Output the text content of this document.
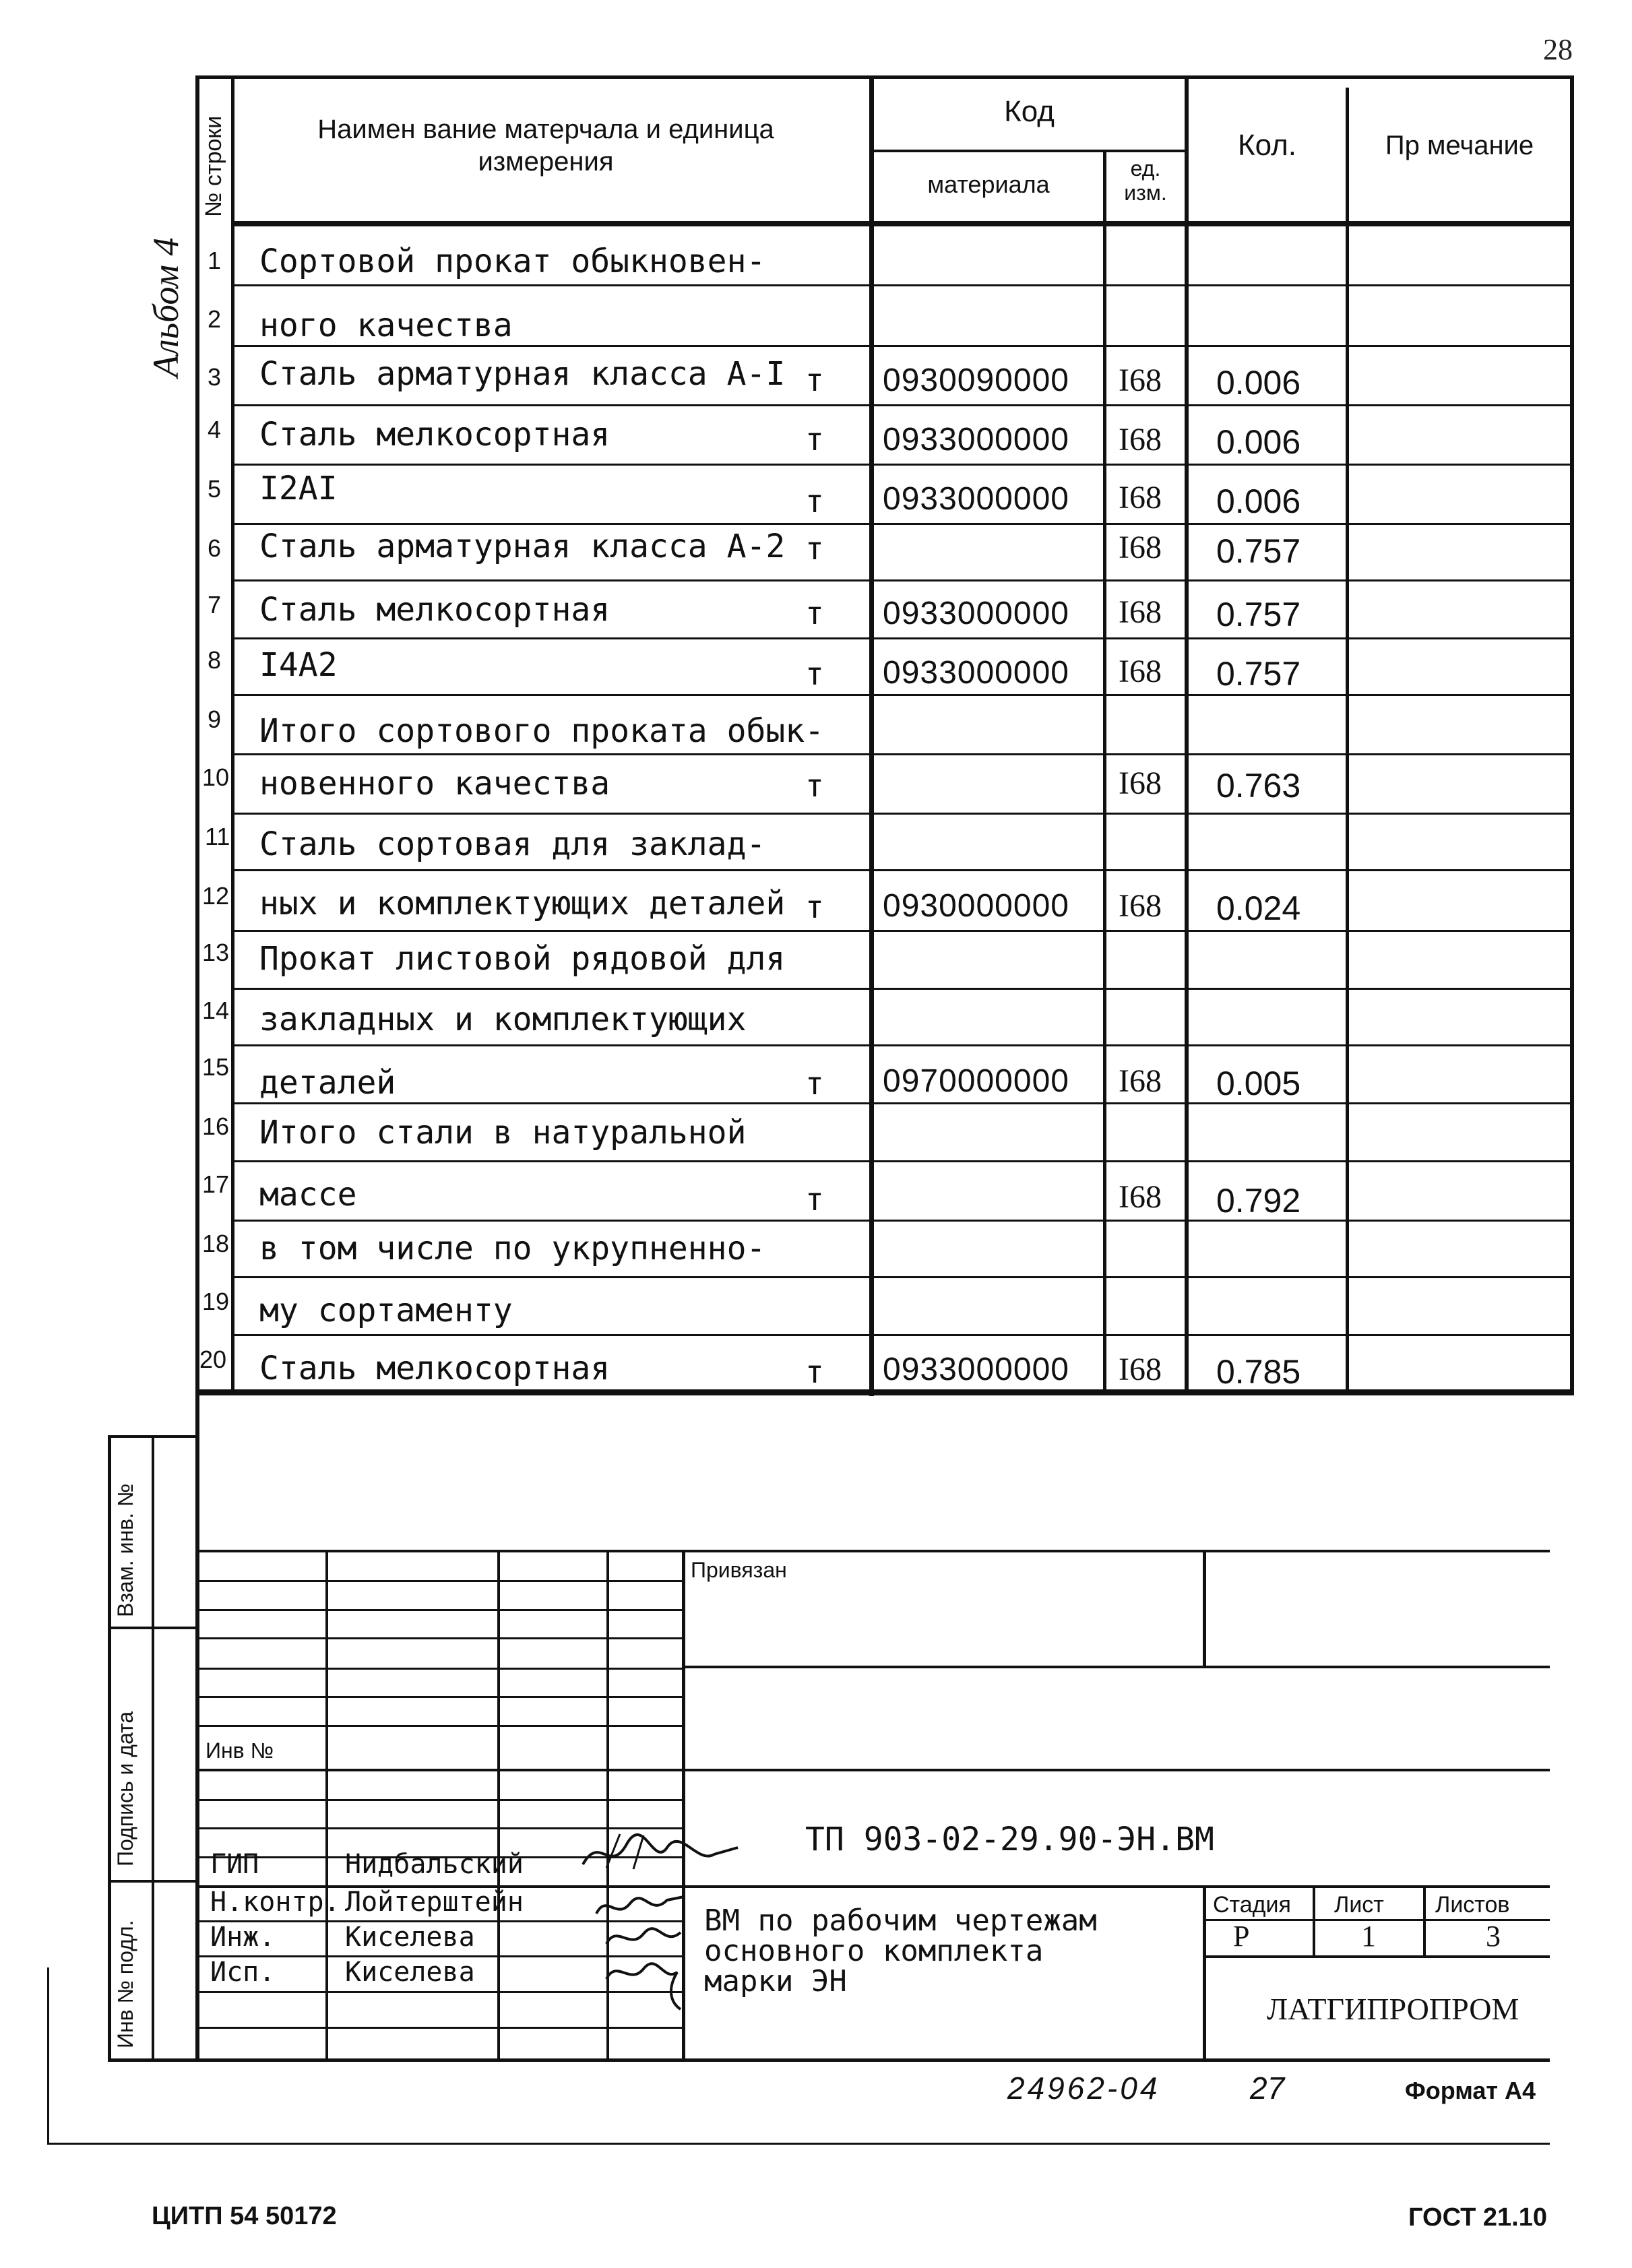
28
Альбом 4
№ строки	Наимен вание матерчала и единица измерения
Код
материала
ед. изм.
Кол.	Пр мечание
1 Сортовой прокат обыкновен-
2 ного качества
3 Сталь арматурная класса А-I т 0930090000 I68 0.006
4 Сталь мелкосортная	т 0933000000 I68 0.006
5 I2AI	т 0933000000 I68 0.006
6 Сталь арматурная класса А-2 т	I68 0.757
7 Сталь мелкосортная	т 0933000000 I68 0.757
8 I4A2	т 0933000000 I68 0.757
9 Итого сортового проката обык-
10 новенного качества	т	I68 0.763
11 Сталь сортовая для заклад-
12 ных и комплектующих деталей т 0930000000 I68 0.024
13 Прокат листовой рядовой для
14 закладных и комплектующих
15 деталей	т 0970000000 I68 0.005
16 Итого стали в натуральной
17 массе	т	I68 0.792
18 в том числе по укрупненно-
19 му сортаменту
20 Сталь мелкосортная	т 0933000000 I68 0.785
Взам. инв. №
Подпись и дата
Инв № подл.
Привязан
Инв №
ТП 903-02-29.90-ЭН.ВМ
ГИП	Нидбальский
Н.контр. Лойтерштейн
Инж.	Киселева
Исп.	Киселева
ВМ по рабочим чертежам
основного комплекта
марки ЭН
Стадия Лист Листов
Р	1	3
ЛАТГИПРОПРОМ
24962-04	27	Формат А4
ЦИТП 54 50172	ГОСТ 21.10
